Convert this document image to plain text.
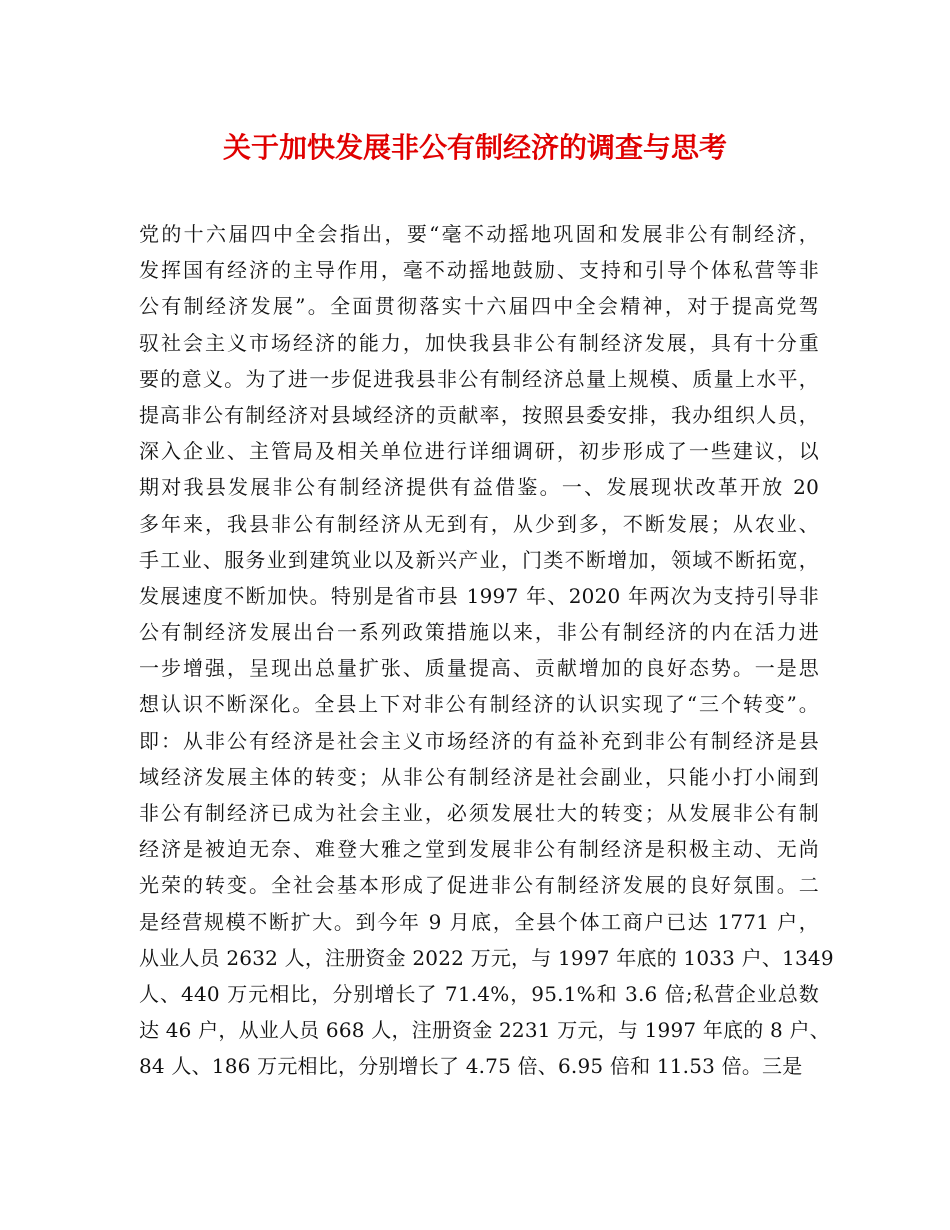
关于加快发展非公有制经济的调查与思考
党的十六届四中全会指出，要“毫不动摇地巩固和发展非公有制经济，
发挥国有经济的主导作用，毫不动摇地鼓励、支持和引导个体私营等非
公有制经济发展”。全面贯彻落实十六届四中全会精神，对于提高党驾
驭社会主义市场经济的能力，加快我县非公有制经济发展，具有十分重
要的意义。为了进一步促进我县非公有制经济总量上规模、质量上水平，
提高非公有制经济对县域经济的贡献率，按照县委安排，我办组织人员，
深入企业、主管局及相关单位进行详细调研，初步形成了一些建议，以
期对我县发展非公有制经济提供有益借鉴。一、发展现状改革开放 20
多年来，我县非公有制经济从无到有，从少到多，不断发展；从农业、
手工业、服务业到建筑业以及新兴产业，门类不断增加，领域不断拓宽，
发展速度不断加快。特别是省市县 1997 年、2020 年两次为支持引导非
公有制经济发展出台一系列政策措施以来，非公有制经济的内在活力进
一步增强，呈现出总量扩张、质量提高、贡献增加的良好态势。一是思
想认识不断深化。全县上下对非公有制经济的认识实现了“三个转变”。
即：从非公有经济是社会主义市场经济的有益补充到非公有制经济是县
域经济发展主体的转变；从非公有制经济是社会副业，只能小打小闹到
非公有制经济已成为社会主业，必须发展壮大的转变；从发展非公有制
经济是被迫无奈、难登大雅之堂到发展非公有制经济是积极主动、无尚
光荣的转变。全社会基本形成了促进非公有制经济发展的良好氛围。二
是经营规模不断扩大。到今年 9 月底，全县个体工商户已达 1771 户，
从业人员 2632 人，注册资金 2022 万元，与 1997 年底的 1033 户、1349
人、440 万元相比，分别增长了 71.4%，95.1%和 3.6 倍;私营企业总数
达 46 户，从业人员 668 人，注册资金 2231 万元，与 1997 年底的 8 户、
84 人、186 万元相比，分别增长了 4.75 倍、6.95 倍和 11.53 倍。三是
